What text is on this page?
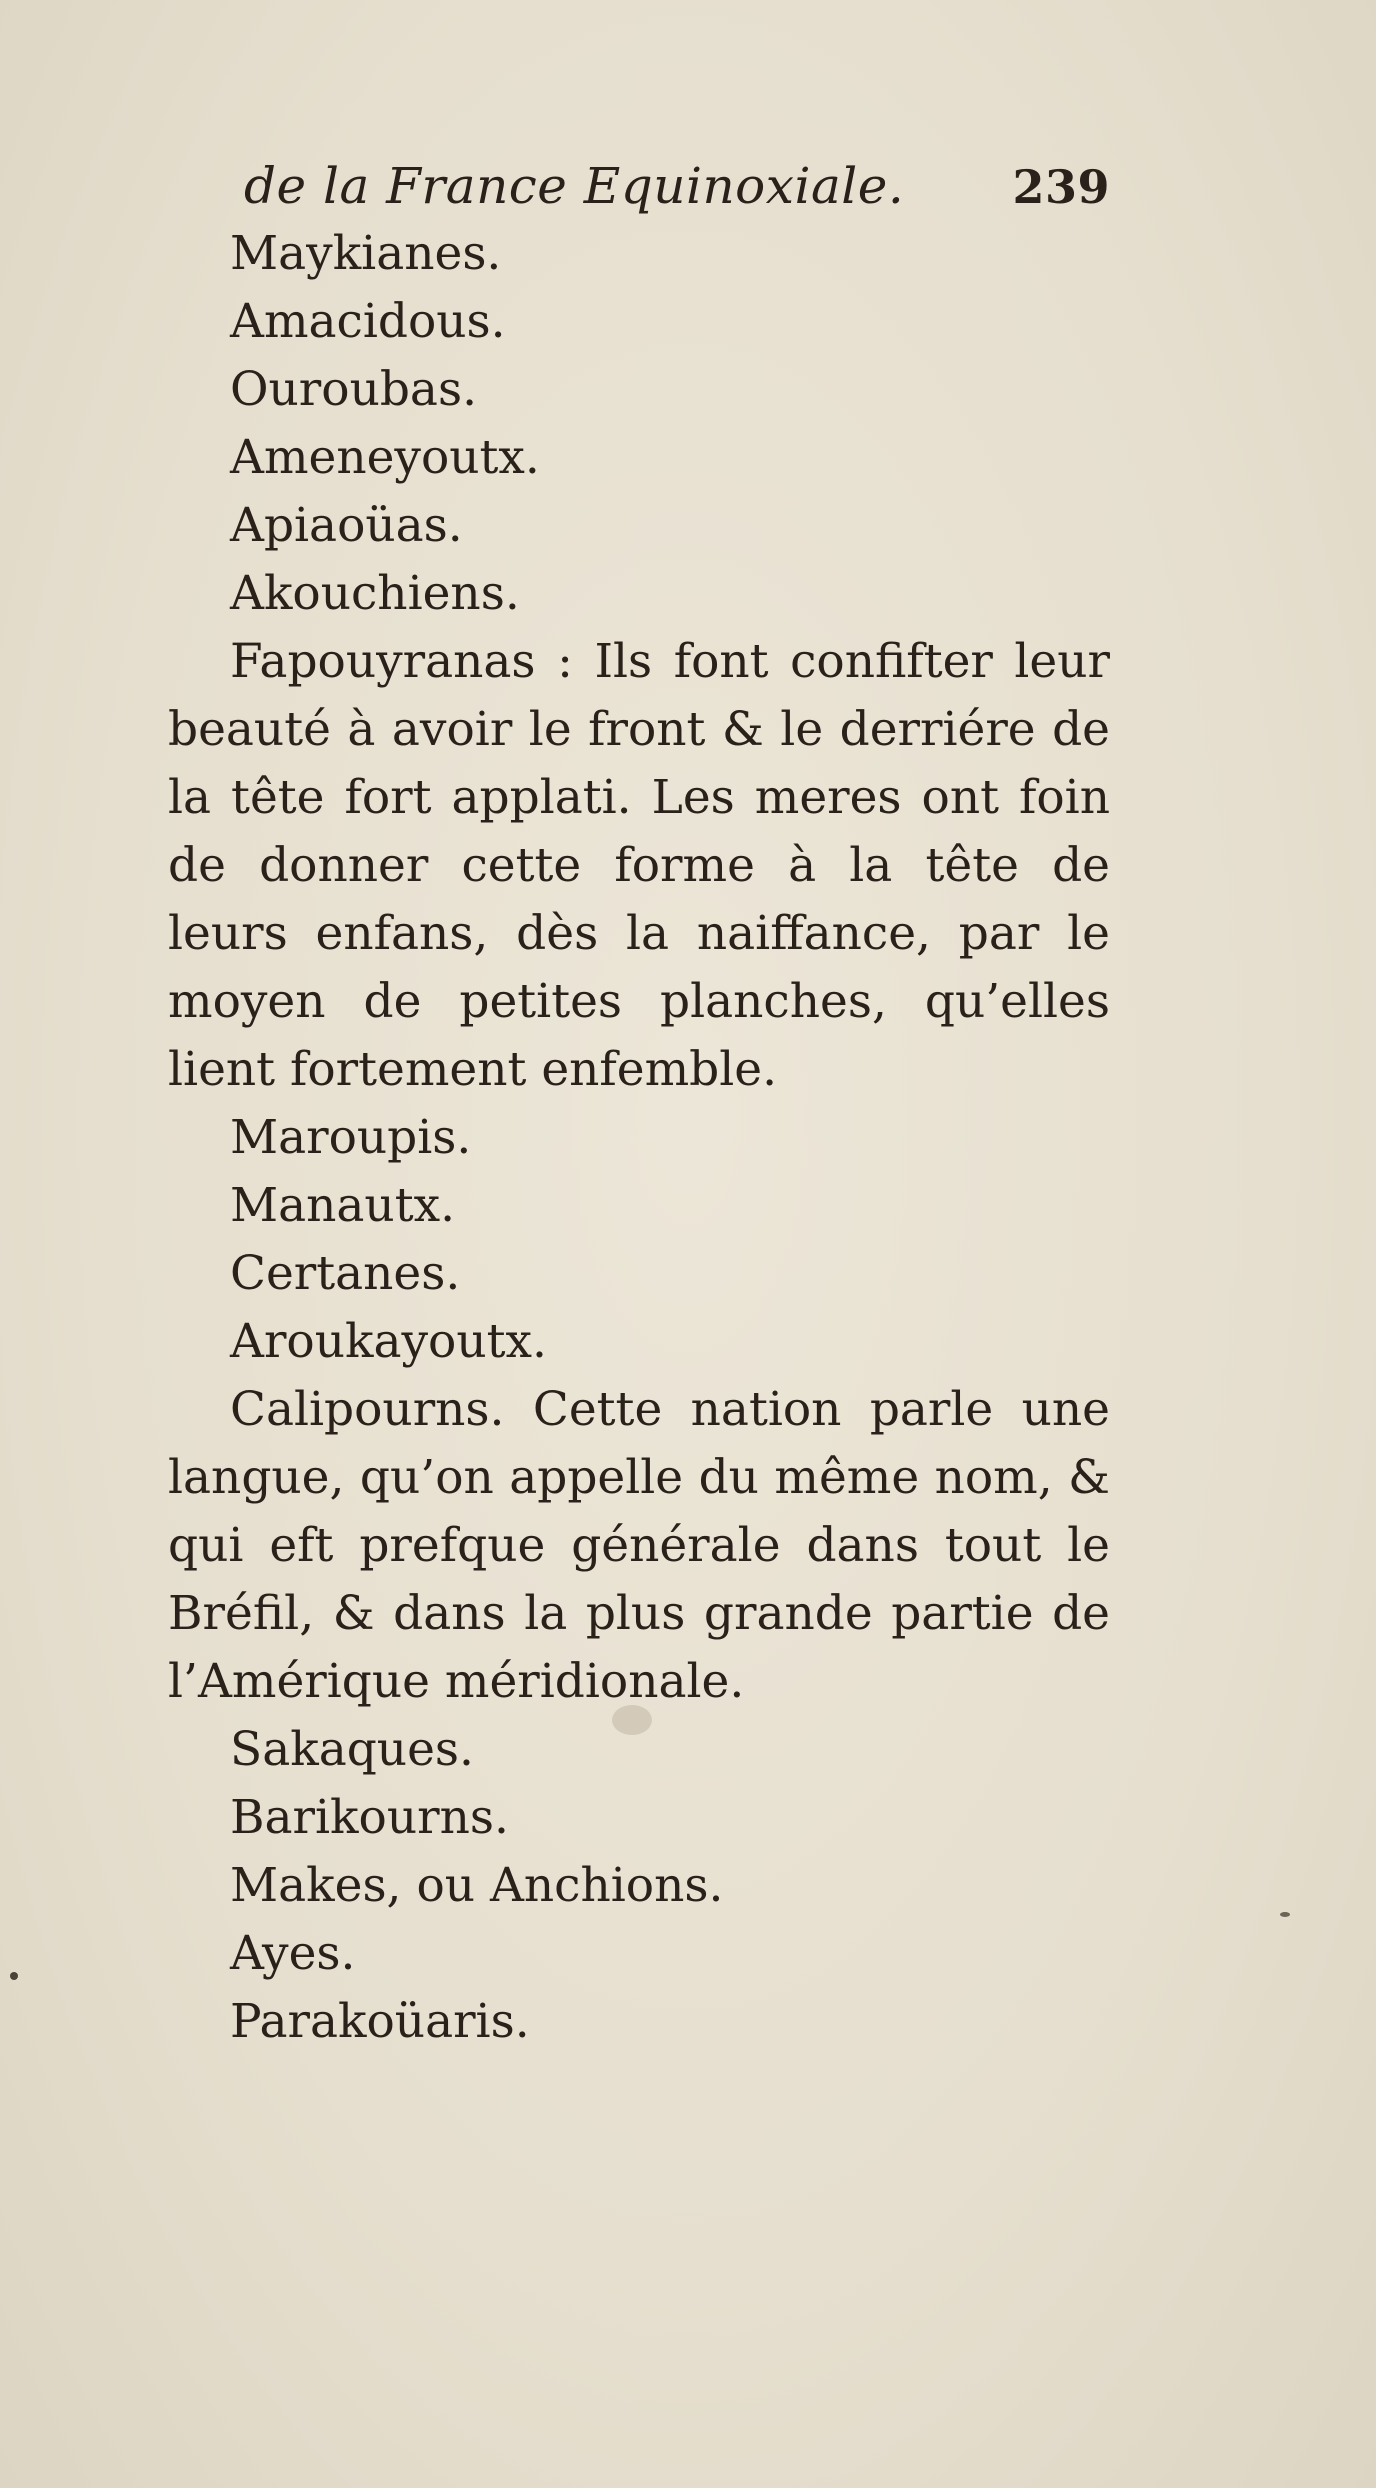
de la France Equinoxiale. 239
Maykianes.
Amacidous.
Ouroubas.
Ameneyoutx.
Apiaoüas.
Akouchiens.

Fapouyranas : Ils font confifter leur beauté à avoir le front & le derriére de la tête fort applati. Les meres ont foin de donner cette forme à la tête de leurs enfans, dès la naiffance, par le moyen de petites planches, qu’elles lient fortement enfemble.

Maroupis.
Manautx.
Certanes.
Aroukayoutx.

Calipourns. Cette nation parle une langue, qu’on appelle du même nom, & qui eft prefque générale dans tout le Bréfil, & dans la plus grande partie de l’Amérique méridionale.

Sakaques.
Barikourns.
Makes, ou Anchions.
Ayes.
Parakoüaris.
